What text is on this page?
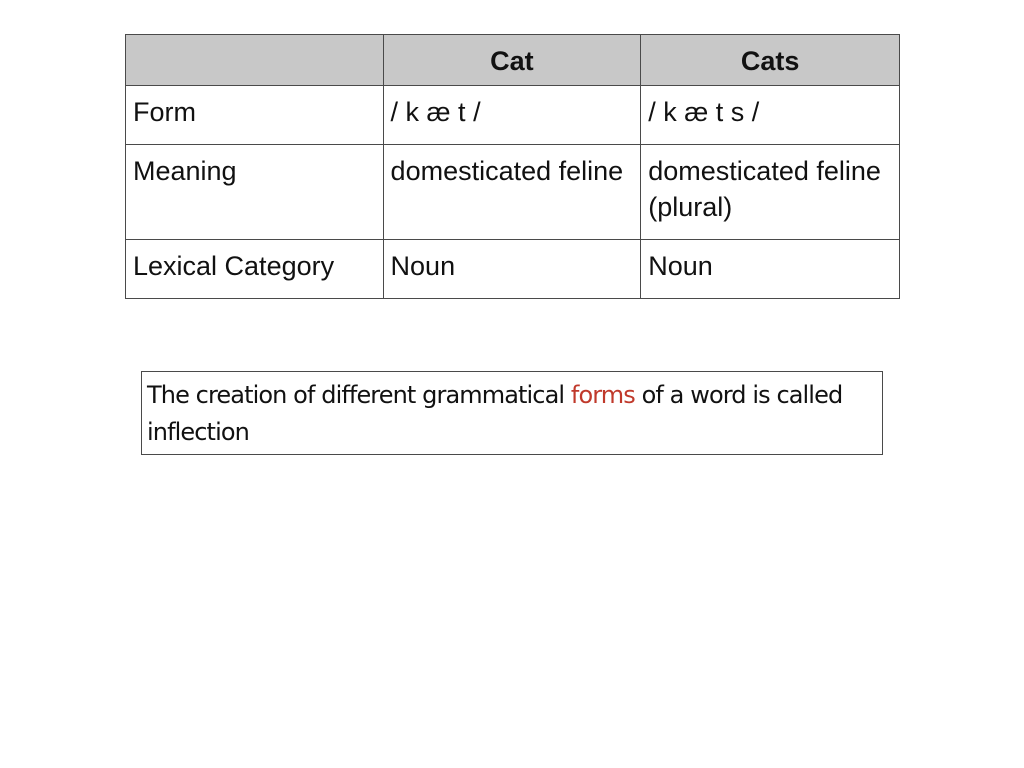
	Cat	Cats
Form	/ k æ t /	/ k æ t s /
Meaning	domesticated feline	domesticated feline (plural)
Lexical Category	Noun	Noun
The creation of different grammatical forms of a word is called inflection
